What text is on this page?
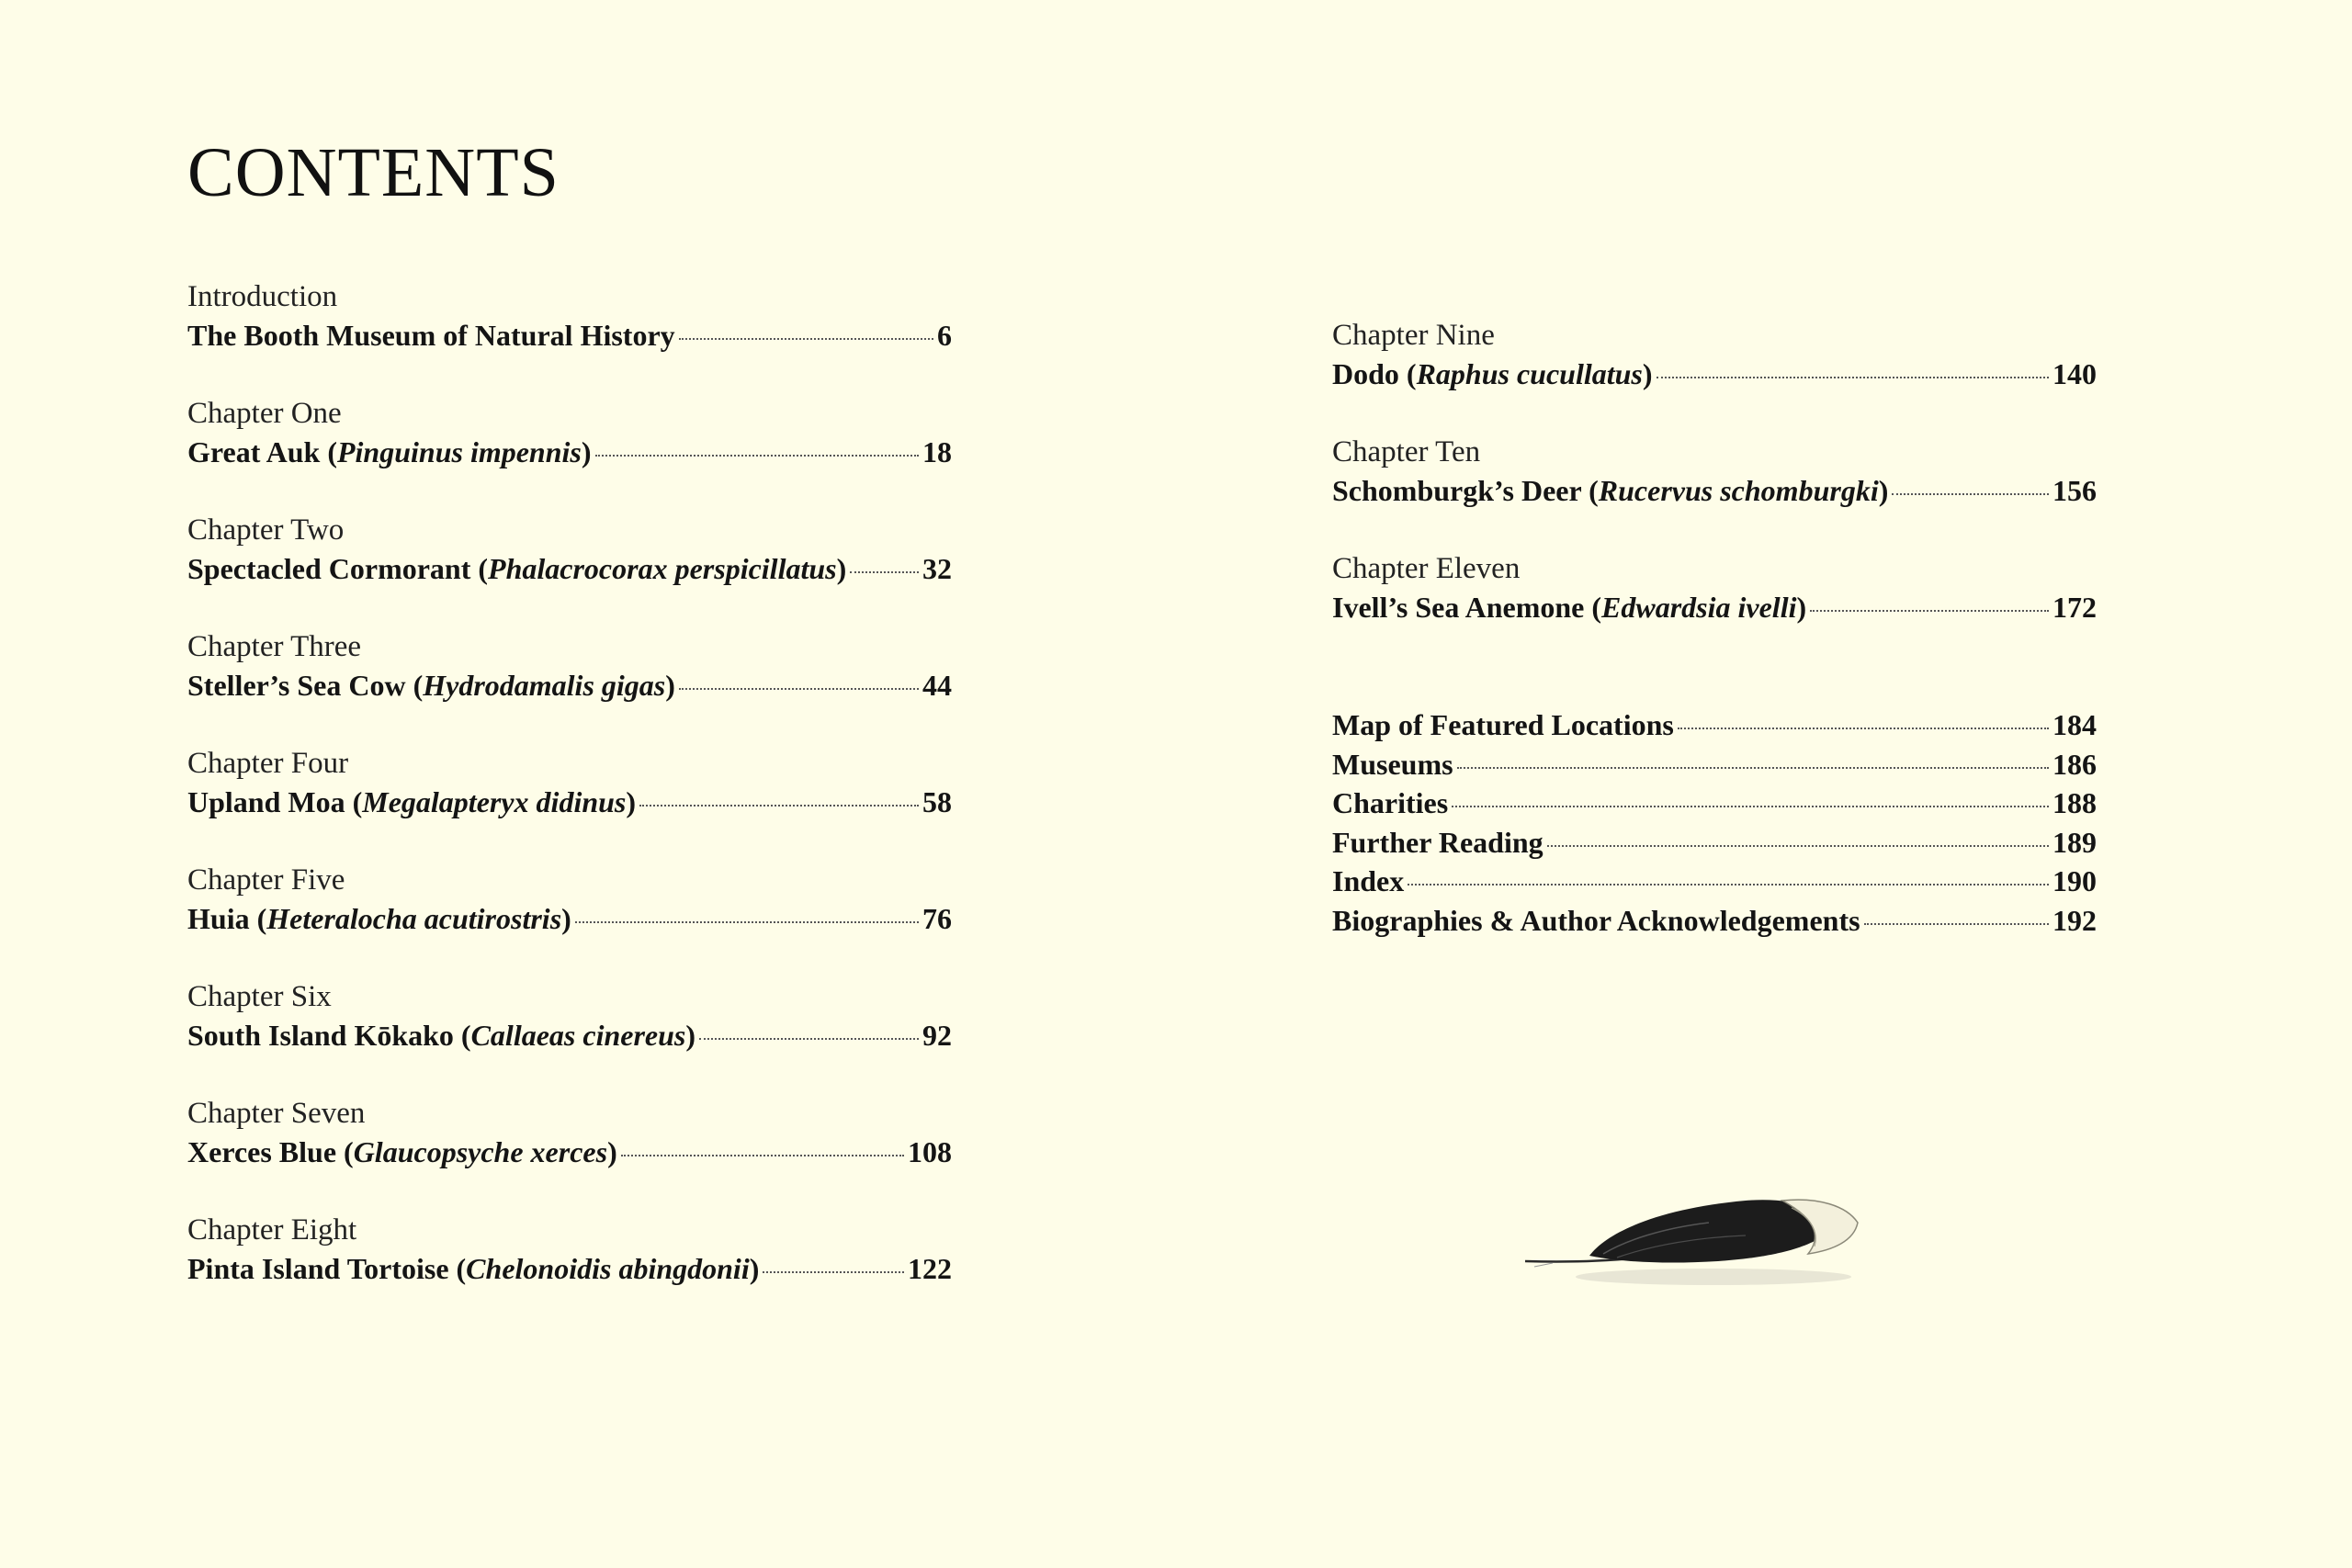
CONTENTS
Introduction
The Booth Museum of Natural History	6
Chapter One
Great Auk (Pinguinus impennis)	18
Chapter Two
Spectacled Cormorant (Phalacrocorax perspicillatus)	32
Chapter Three
Steller’s Sea Cow (Hydrodamalis gigas)	44
Chapter Four
Upland Moa (Megalapteryx didinus)	58
Chapter Five
Huia (Heteralocha acutirostris)	76
Chapter Six
South Island Kōkako (Callaeas cinereus)	92
Chapter Seven
Xerces Blue (Glaucopsyche xerces)	108
Chapter Eight
Pinta Island Tortoise (Chelonoidis abingdonii)	122
Chapter Nine
Dodo (Raphus cucullatus)	140
Chapter Ten
Schomburgk’s Deer (Rucervus schomburgki)	156
Chapter Eleven
Ivell’s Sea Anemone (Edwardsia ivelli)	172
Map of Featured Locations	184
Museums	186
Charities	188
Further Reading	189
Index	190
Biographies & Author Acknowledgements	192
